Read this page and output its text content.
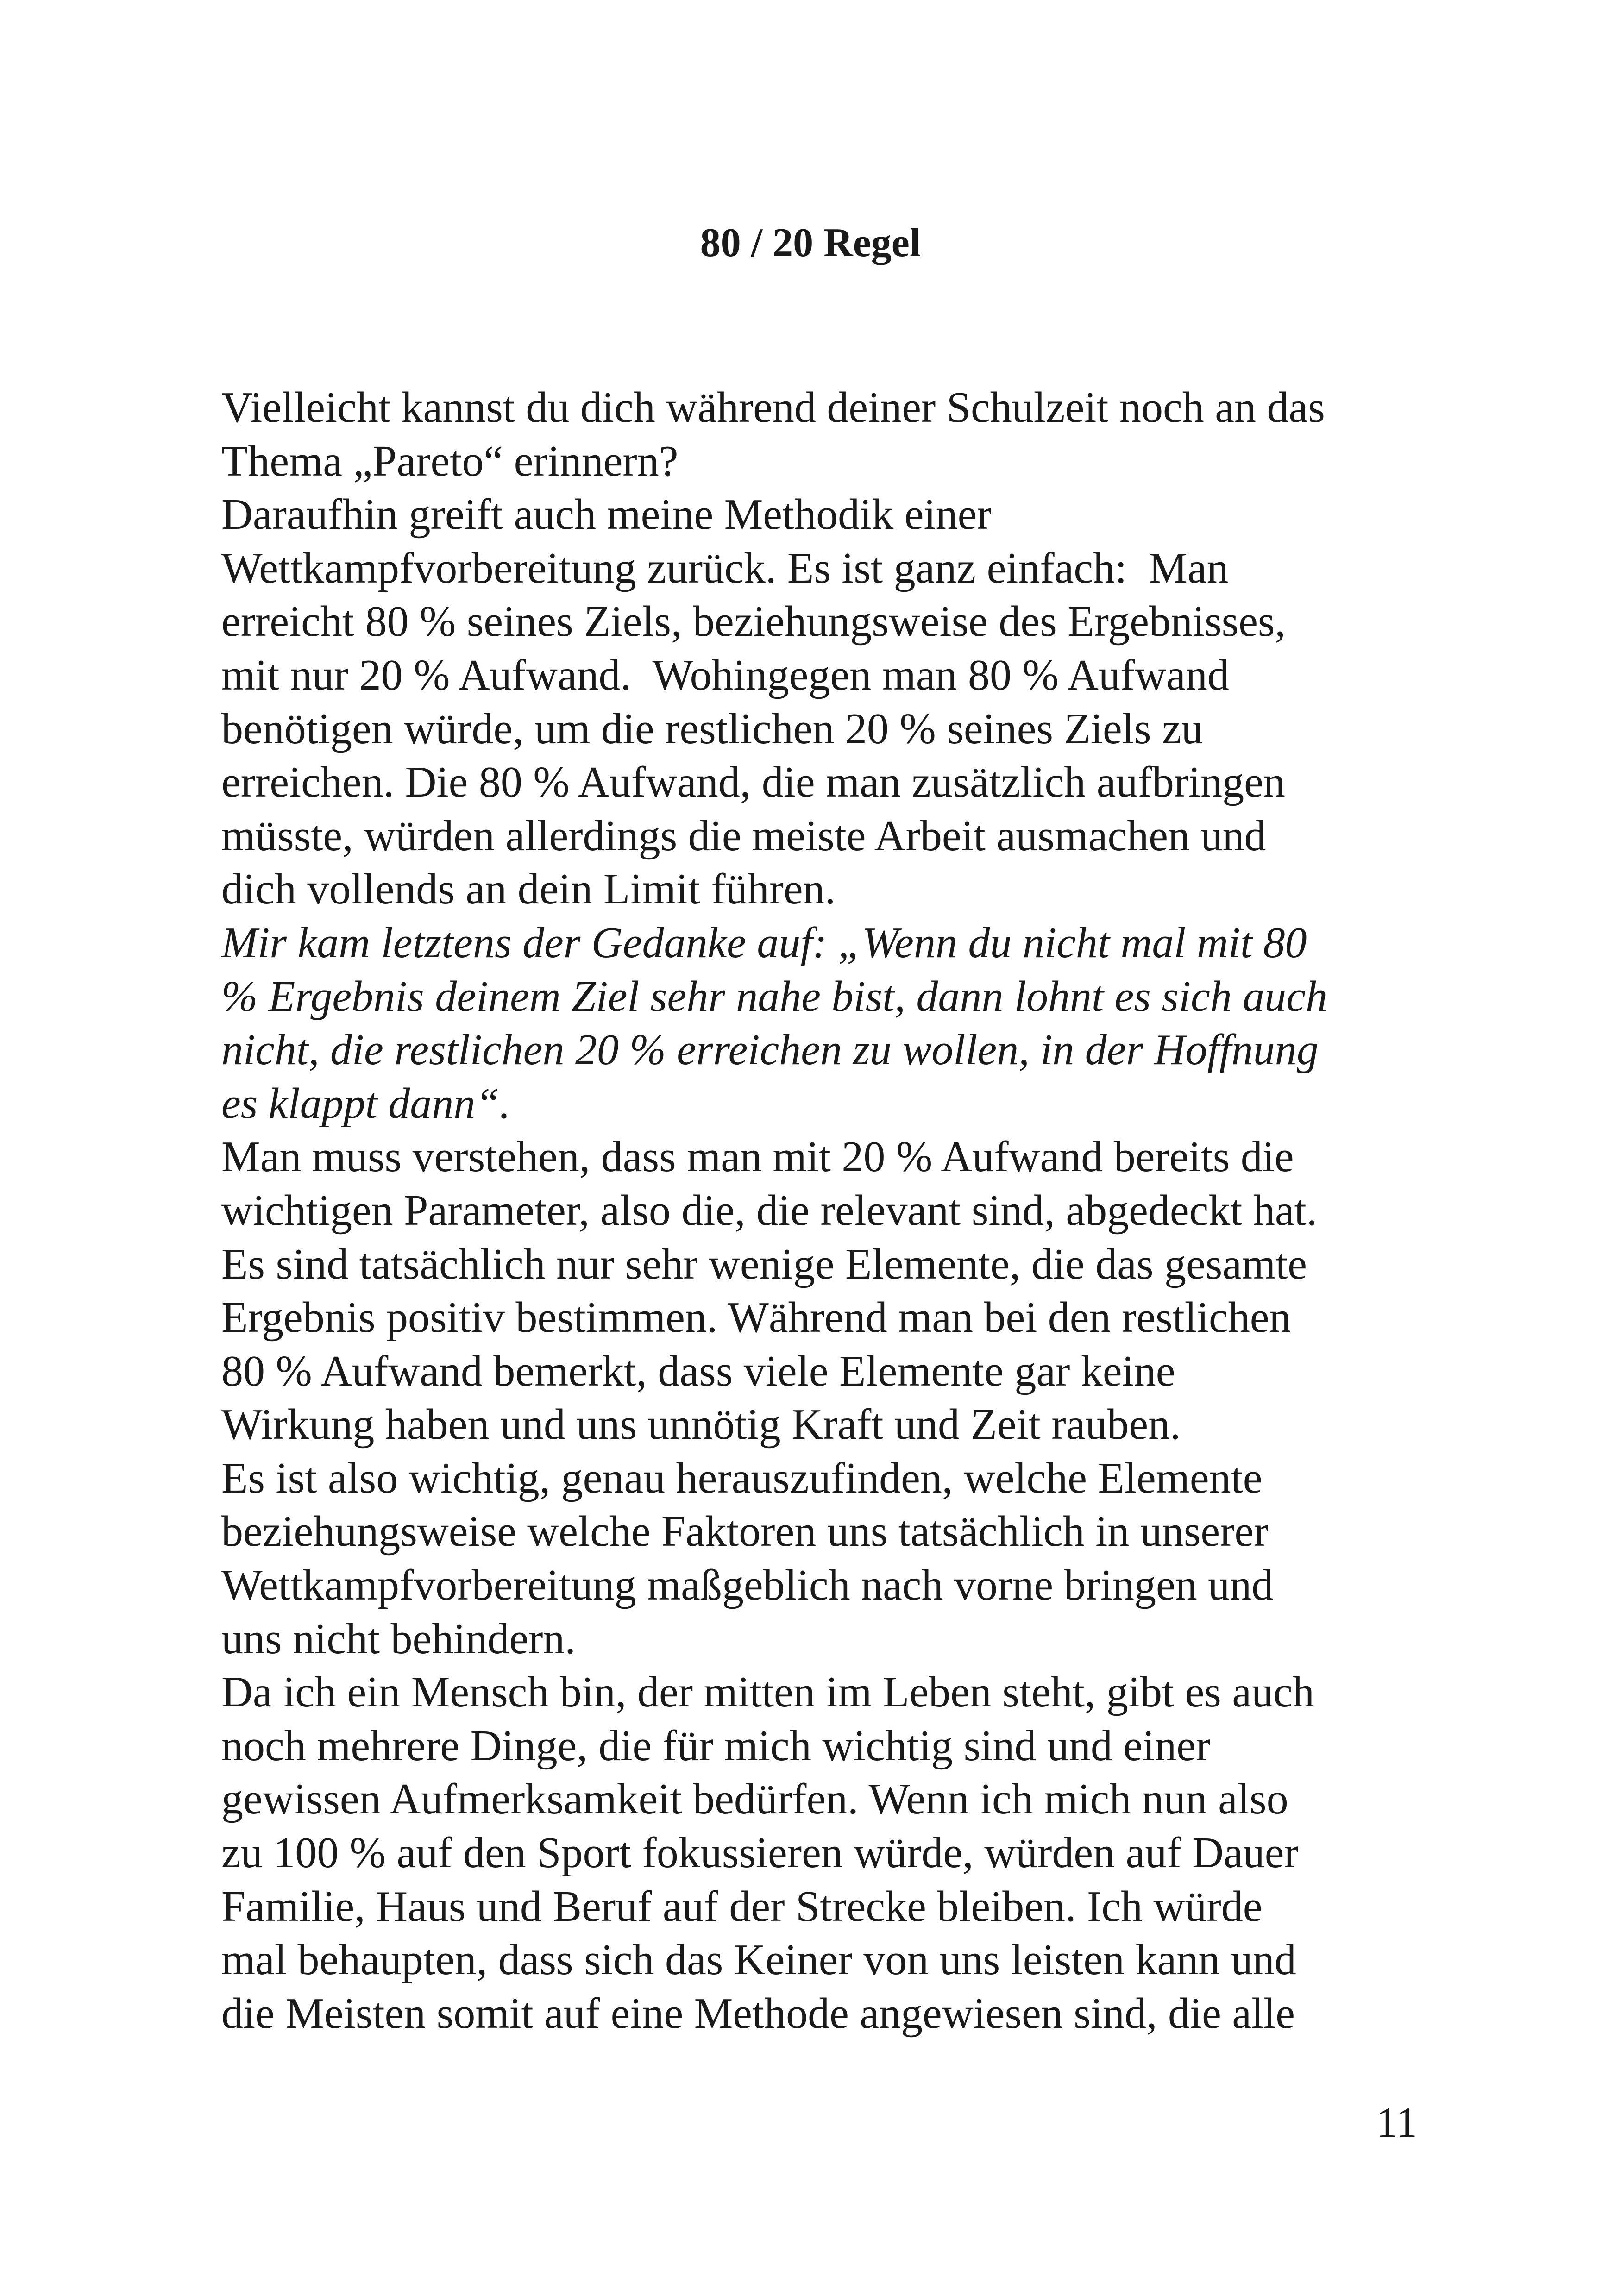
80 / 20 Regel
Vielleicht kannst du dich während deiner Schulzeit noch an das
Thema „Pareto“ erinnern?
Daraufhin greift auch meine Methodik einer
Wettkampfvorbereitung zurück. Es ist ganz einfach:  Man
erreicht 80 % seines Ziels, beziehungsweise des Ergebnisses,
mit nur 20 % Aufwand.  Wohingegen man 80 % Aufwand
benötigen würde, um die restlichen 20 % seines Ziels zu
erreichen. Die 80 % Aufwand, die man zusätzlich aufbringen
müsste, würden allerdings die meiste Arbeit ausmachen und
dich vollends an dein Limit führen.
Mir kam letztens der Gedanke auf: „Wenn du nicht mal mit 80
% Ergebnis deinem Ziel sehr nahe bist, dann lohnt es sich auch
nicht, die restlichen 20 % erreichen zu wollen, in der Hoffnung
es klappt dann“.
Man muss verstehen, dass man mit 20 % Aufwand bereits die
wichtigen Parameter, also die, die relevant sind, abgedeckt hat.
Es sind tatsächlich nur sehr wenige Elemente, die das gesamte
Ergebnis positiv bestimmen. Während man bei den restlichen
80 % Aufwand bemerkt, dass viele Elemente gar keine
Wirkung haben und uns unnötig Kraft und Zeit rauben.
Es ist also wichtig, genau herauszufinden, welche Elemente
beziehungsweise welche Faktoren uns tatsächlich in unserer
Wettkampfvorbereitung maßgeblich nach vorne bringen und
uns nicht behindern.
Da ich ein Mensch bin, der mitten im Leben steht, gibt es auch
noch mehrere Dinge, die für mich wichtig sind und einer
gewissen Aufmerksamkeit bedürfen. Wenn ich mich nun also
zu 100 % auf den Sport fokussieren würde, würden auf Dauer
Familie, Haus und Beruf auf der Strecke bleiben. Ich würde
mal behaupten, dass sich das Keiner von uns leisten kann und
die Meisten somit auf eine Methode angewiesen sind, die alle
11
